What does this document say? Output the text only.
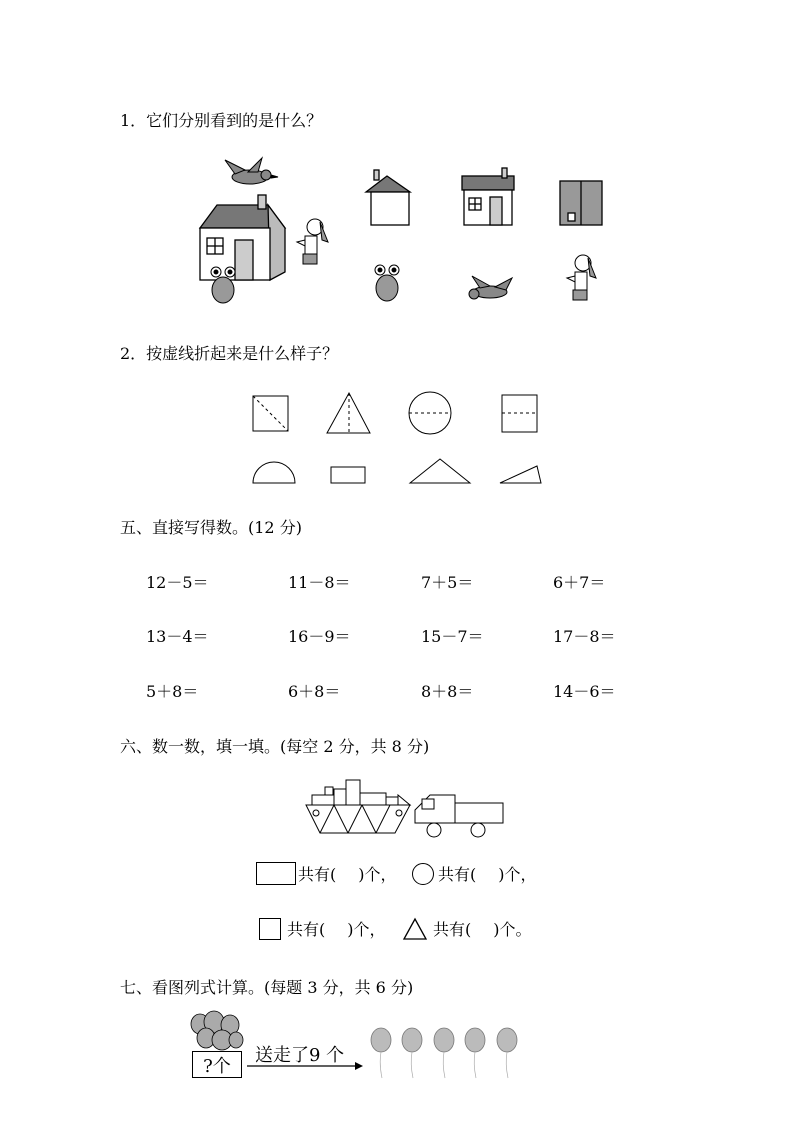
1．它们分别看到的是什么？
2．按虚线折起来是什么样子？
五、直接写得数。(12 分)
12－5＝	11－8＝	7＋5＝	6＋7＝
13－4＝	16－9＝	15－7＝	17－8＝
5＋8＝	6＋8＝	8＋8＝	14－6＝
六、数一数，填一填。(每空 2 分，共 8 分)
共有( )个，	共有( )个，
共有( )个，	共有( )个。
七、看图列式计算。(每题 3 分，共 6 分)
?个 送走了9 个
